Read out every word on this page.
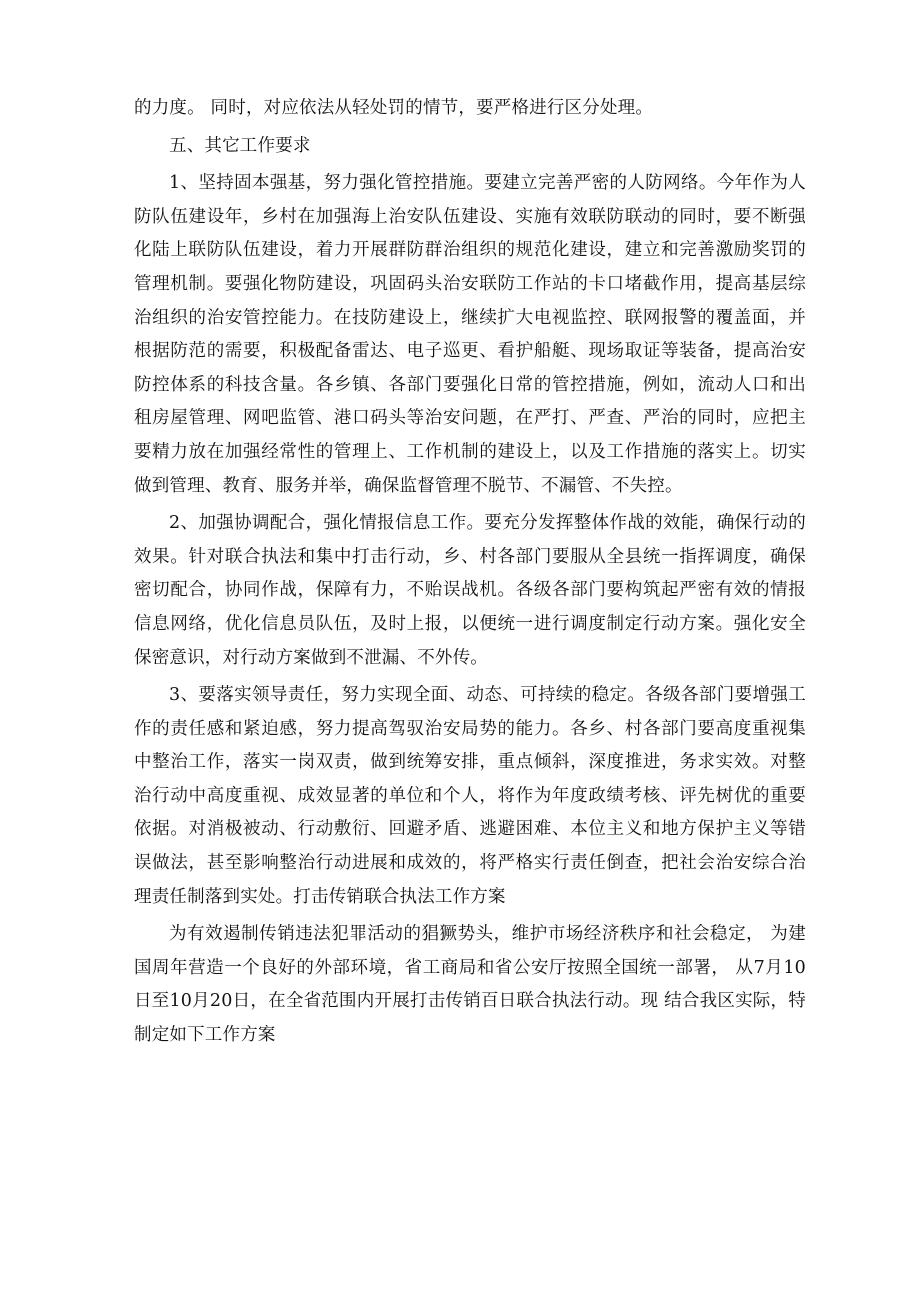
的力度。 同时，对应依法从轻处罚的情节，要严格进行区分处理。

五、其它工作要求

1、坚持固本强基，努力强化管控措施。要建立完善严密的人防网络。今年作为人防队伍建设年，乡村在加强海上治安队伍建设、实施有效联防联动的同时，要不断强化陆上联防队伍建设，着力开展群防群治组织的规范化建设，建立和完善激励奖罚的管理机制。要强化物防建设，巩固码头治安联防工作站的卡口堵截作用，提高基层综治组织的治安管控能力。在技防建设上，继续扩大电视监控、联网报警的覆盖面，并根据防范的需要，积极配备雷达、电子巡更、看护船艇、现场取证等装备，提高治安防控体系的科技含量。各乡镇、各部门要强化日常的管控措施，例如，流动人口和出租房屋管理、网吧监管、港口码头等治安问题，在严打、严查、严治的同时，应把主要精力放在加强经常性的管理上、工作机制的建设上，以及工作措施的落实上。切实做到管理、教育、服务并举，确保监督管理不脱节、不漏管、不失控。

2、加强协调配合，强化情报信息工作。要充分发挥整体作战的效能，确保行动的效果。针对联合执法和集中打击行动，乡、村各部门要服从全县统一指挥调度，确保密切配合，协同作战，保障有力，不贻误战机。各级各部门要构筑起严密有效的情报信息网络，优化信息员队伍，及时上报，以便统一进行调度制定行动方案。强化安全保密意识，对行动方案做到不泄漏、不外传。

3、要落实领导责任，努力实现全面、动态、可持续的稳定。各级各部门要增强工作的责任感和紧迫感，努力提高驾驭治安局势的能力。各乡、村各部门要高度重视集中整治工作，落实一岗双责，做到统筹安排，重点倾斜，深度推进，务求实效。对整治行动中高度重视、成效显著的单位和个人，将作为年度政绩考核、评先树优的重要依据。对消极被动、行动敷衍、回避矛盾、逃避困难、本位主义和地方保护主义等错误做法，甚至影响整治行动进展和成效的，将严格实行责任倒查，把社会治安综合治理责任制落到实处。打击传销联合执法工作方案

为有效遏制传销违法犯罪活动的猖獗势头，维护市场经济秩序和社会稳定， 为建国周年营造一个良好的外部环境，省工商局和省公安厅按照全国统一部署， 从7月10日至10月20日，在全省范围内开展打击传销百日联合执法行动。现 结合我区实际，特制定如下工作方案
